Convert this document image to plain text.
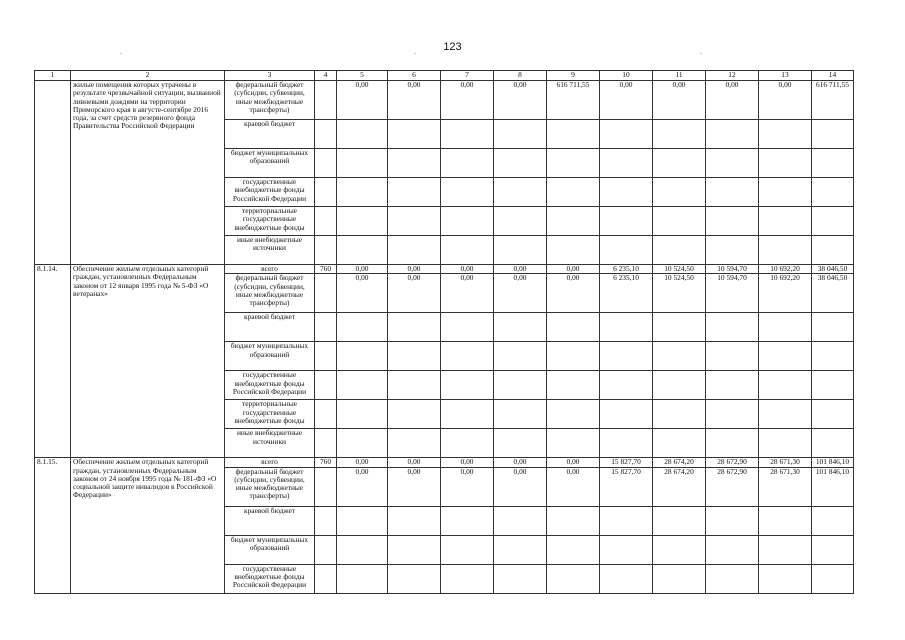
123
.	.	.
1	2	3	4	5	6	7	8	9	10	11	12	13	14
	жилые помещения которых утрачены в результате чрезвычайной ситуации, вызванной ливневыми дождями на территории Приморского края в августе-сентябре 2016 года, за счет средств резервного фонда Правительства Российской Федерации	федеральный бюджет (субсидии, субвенции, иные межбюджетные трансферты)		0,00	0,00	0,00	0,00	616 711,55	0,00	0,00	0,00	0,00	616 711,55
		краевой бюджет											
		бюджет муниципальных образований											
		государственные внебюджетные фонды Российской Федерации											
		территориальные государственные внебюджетные фонды											
		иные внебюджетные источники											
8.1.14.	Обеспечение жильем отдельных категорий граждан, установленных Федеральным законом от 12 января 1995 года № 5-ФЗ «О ветеранах»	всего	760	0,00	0,00	0,00	0,00	0,00	6 235,10	10 524,50	10 594,70	10 692,20	38 046,50
		федеральный бюджет (субсидии, субвенции, иные межбюджетные трансферты)		0,00	0,00	0,00	0,00	0,00	6 235,10	10 524,50	10 594,70	10 692,20	38 046,50
		краевой бюджет											
		бюджет муниципальных образований											
		государственные внебюджетные фонды Российской Федерации											
		территориальные государственные внебюджетные фонды											
		иные внебюджетные источники											
8.1.15.	Обеспечение жильем отдельных категорий граждан, установленных Федеральным законом от 24 ноября 1995 года № 181-ФЗ «О социальной защите инвалидов в Российской Федерации»	всего	760	0,00	0,00	0,00	0,00	0,00	15 827,70	28 674,20	28 672,90	28 671,30	101 846,10
		федеральный бюджет (субсидии, субвенции, иные межбюджетные трансферты)		0,00	0,00	0,00	0,00	0,00	15 827,70	28 674,20	28 672,90	28 671,30	101 846,10
		краевой бюджет											
		бюджет муниципальных образований											
		государственные внебюджетные фонды Российской Федерации											
